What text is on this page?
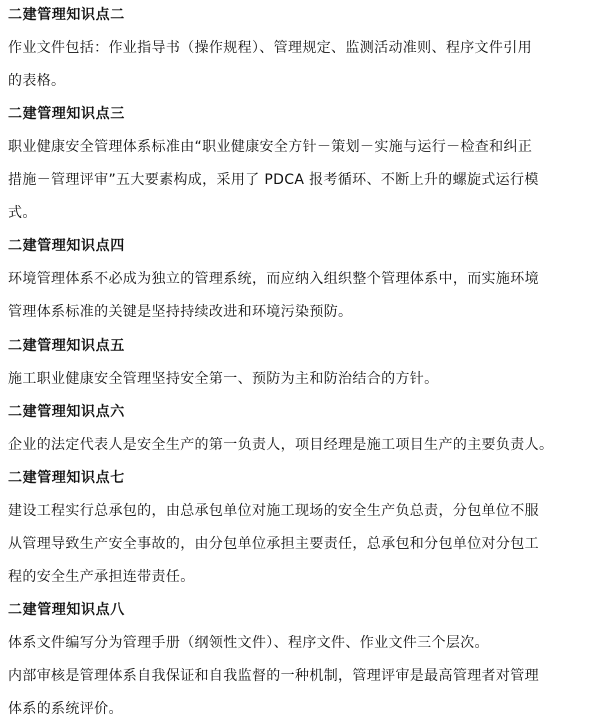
二建管理知识点二
作业文件包括：作业指导书（操作规程）、管理规定、监测活动准则、程序文件引用
的表格。
二建管理知识点三
职业健康安全管理体系标准由“职业健康安全方针－策划－实施与运行－检查和纠正
措施－管理评审”五大要素构成，采用了 PDCA 报考循环、不断上升的螺旋式运行模
式。
二建管理知识点四
环境管理体系不必成为独立的管理系统，而应纳入组织整个管理体系中，而实施环境
管理体系标准的关键是坚持持续改进和环境污染预防。
二建管理知识点五
施工职业健康安全管理坚持安全第一、预防为主和防治结合的方针。
二建管理知识点六
企业的法定代表人是安全生产的第一负责人，项目经理是施工项目生产的主要负责人。
二建管理知识点七
建设工程实行总承包的，由总承包单位对施工现场的安全生产负总责，分包单位不服
从管理导致生产安全事故的，由分包单位承担主要责任，总承包和分包单位对分包工
程的安全生产承担连带责任。
二建管理知识点八
体系文件编写分为管理手册（纲领性文件）、程序文件、作业文件三个层次。
内部审核是管理体系自我保证和自我监督的一种机制，管理评审是最高管理者对管理
体系的系统评价。
